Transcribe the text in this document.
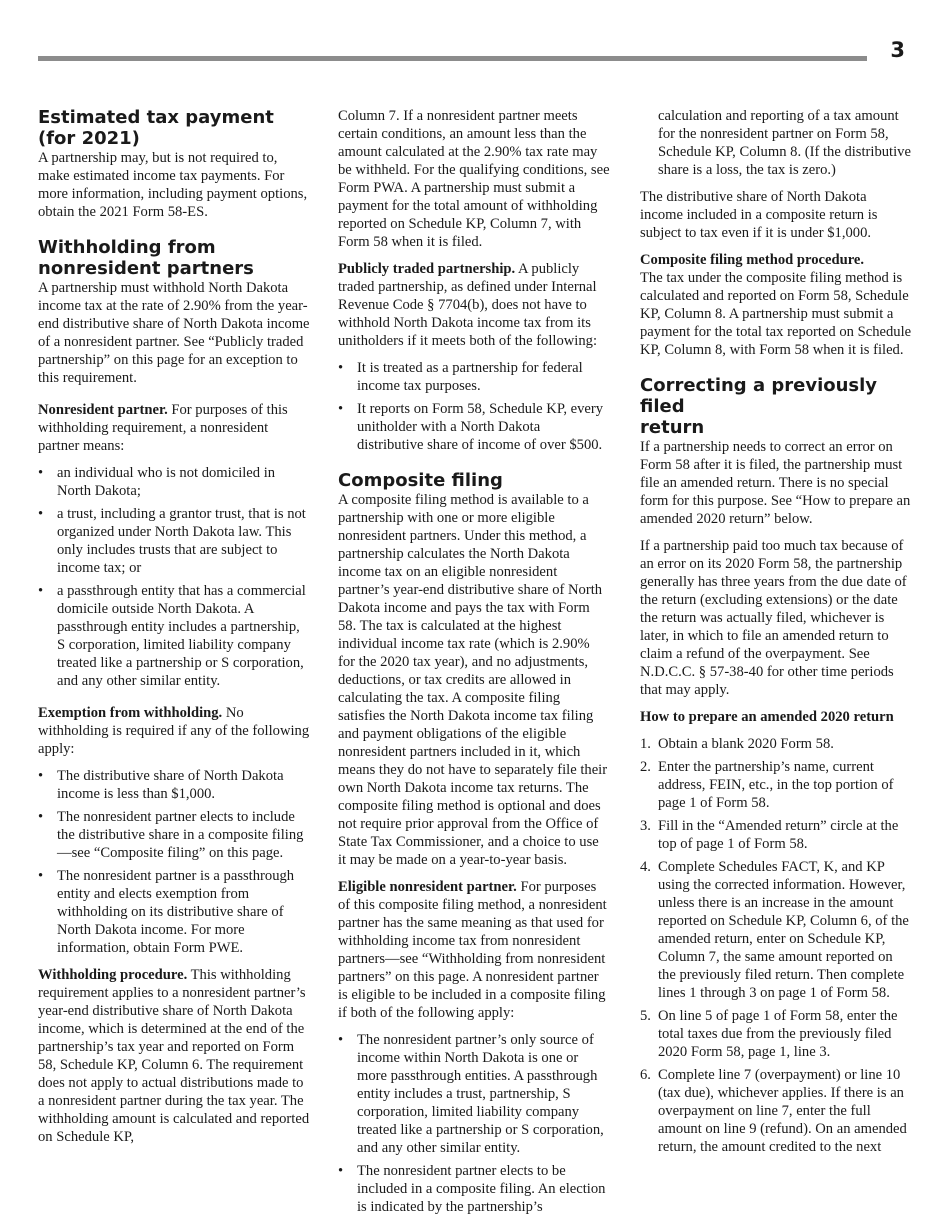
3
Estimated tax payment
(for 2021)

A partnership may, but is not required to, make estimated income tax payments. For more information, including payment options, obtain the 2021 Form 58-ES.

Withholding from
nonresident partners

A partnership must withhold North Dakota income tax at the rate of 2.90% from the year-end distributive share of North Dakota income of a nonresident partner. See “Publicly traded partnership” on this page for an exception to this requirement.

Nonresident partner. For purposes of this withholding requirement, a nonresident partner means:

• an individual who is not domiciled in North Dakota;
• a trust, including a grantor trust, that is not organized under North Dakota law. This only includes trusts that are subject to income tax; or
• a passthrough entity that has a commercial domicile outside North Dakota. A passthrough entity includes a partnership, S corporation, limited liability company treated like a partnership or S corporation, and any other similar entity.

Exemption from withholding. No withholding is required if any of the following apply:

• The distributive share of North Dakota income is less than $1,000.
• The nonresident partner elects to include the distributive share in a composite filing—see “Composite filing” on this page.
• The nonresident partner is a passthrough entity and elects exemption from withholding on its distributive share of North Dakota income. For more information, obtain Form PWE.

Withholding procedure. This withholding requirement applies to a nonresident partner’s year-end distributive share of North Dakota income, which is determined at the end of the partnership’s tax year and reported on Form 58, Schedule KP, Column 6. The requirement does not apply to actual distributions made to a nonresident partner during the tax year. The withholding amount is calculated and reported on Schedule KP,

Column 7. If a nonresident partner meets certain conditions, an amount less than the amount calculated at the 2.90% tax rate may be withheld. For the qualifying conditions, see Form PWA. A partnership must submit a payment for the total amount of withholding reported on Schedule KP, Column 7, with Form 58 when it is filed.

Publicly traded partnership. A publicly traded partnership, as defined under Internal Revenue Code § 7704(b), does not have to withhold North Dakota income tax from its unitholders if it meets both of the following:

• It is treated as a partnership for federal income tax purposes.
• It reports on Form 58, Schedule KP, every unitholder with a North Dakota distributive share of income of over $500.
Composite filing

A composite filing method is available to a partnership with one or more eligible nonresident partners. Under this method, a partnership calculates the North Dakota income tax on an eligible nonresident partner’s year-end distributive share of North Dakota income and pays the tax with Form 58. The tax is calculated at the highest individual income tax rate (which is 2.90% for the 2020 tax year), and no adjustments, deductions, or tax credits are allowed in calculating the tax. A composite filing satisfies the North Dakota income tax filing and payment obligations of the eligible nonresident partners included in it, which means they do not have to separately file their own North Dakota income tax returns. The composite filing method is optional and does not require prior approval from the Office of State Tax Commissioner, and a choice to use it may be made on a year-to-year basis.

Eligible nonresident partner. For purposes of this composite filing method, a nonresident partner has the same meaning as that used for withholding income tax from nonresident partners—see “Withholding from nonresident partners” on this page. A nonresident partner is eligible to be included in a composite filing if both of the following apply:

• The nonresident partner’s only source of income within North Dakota is one or more passthrough entities. A passthrough entity includes a trust, partnership, S corporation, limited liability company treated like a partnership or S corporation, and any other similar entity.
• The nonresident partner elects to be included in a composite filing. An election is indicated by the partnership’s

calculation and reporting of a tax amount for the nonresident partner on Form 58, Schedule KP, Column 8. (If the distributive share is a loss, the tax is zero.)

The distributive share of North Dakota income included in a composite return is subject to tax even if it is under $1,000.

Composite filing method procedure.
The tax under the composite filing method is calculated and reported on Form 58, Schedule KP, Column 8. A partnership must submit a payment for the total tax reported on Schedule KP, Column 8, with Form 58 when it is filed.

Correcting a previously filed
return

If a partnership needs to correct an error on Form 58 after it is filed, the partnership must file an amended return. There is no special form for this purpose. See “How to prepare an amended 2020 return” below.

If a partnership paid too much tax because of an error on its 2020 Form 58, the partnership generally has three years from the due date of the return (excluding extensions) or the date the return was actually filed, whichever is later, in which to file an amended return to claim a refund of the overpayment. See N.D.C.C. § 57-38-40 for other time periods that may apply.

How to prepare an amended 2020 return

1. Obtain a blank 2020 Form 58.
2. Enter the partnership’s name, current address, FEIN, etc., in the top portion of page 1 of Form 58.
3. Fill in the “Amended return” circle at the top of page 1 of Form 58.
4. Complete Schedules FACT, K, and KP using the corrected information. However, unless there is an increase in the amount reported on Schedule KP, Column 6, of the amended return, enter on Schedule KP, Column 7, the same amount reported on the previously filed return. Then complete lines 1 through 3 on page 1 of Form 58.
5. On line 5 of page 1 of Form 58, enter the total taxes due from the previously filed 2020 Form 58, page 1, line 3.
6. Complete line 7 (overpayment) or line 10 (tax due), whichever applies. If there is an overpayment on line 7, enter the full amount on line 9 (refund). On an amended return, the amount credited to the next
